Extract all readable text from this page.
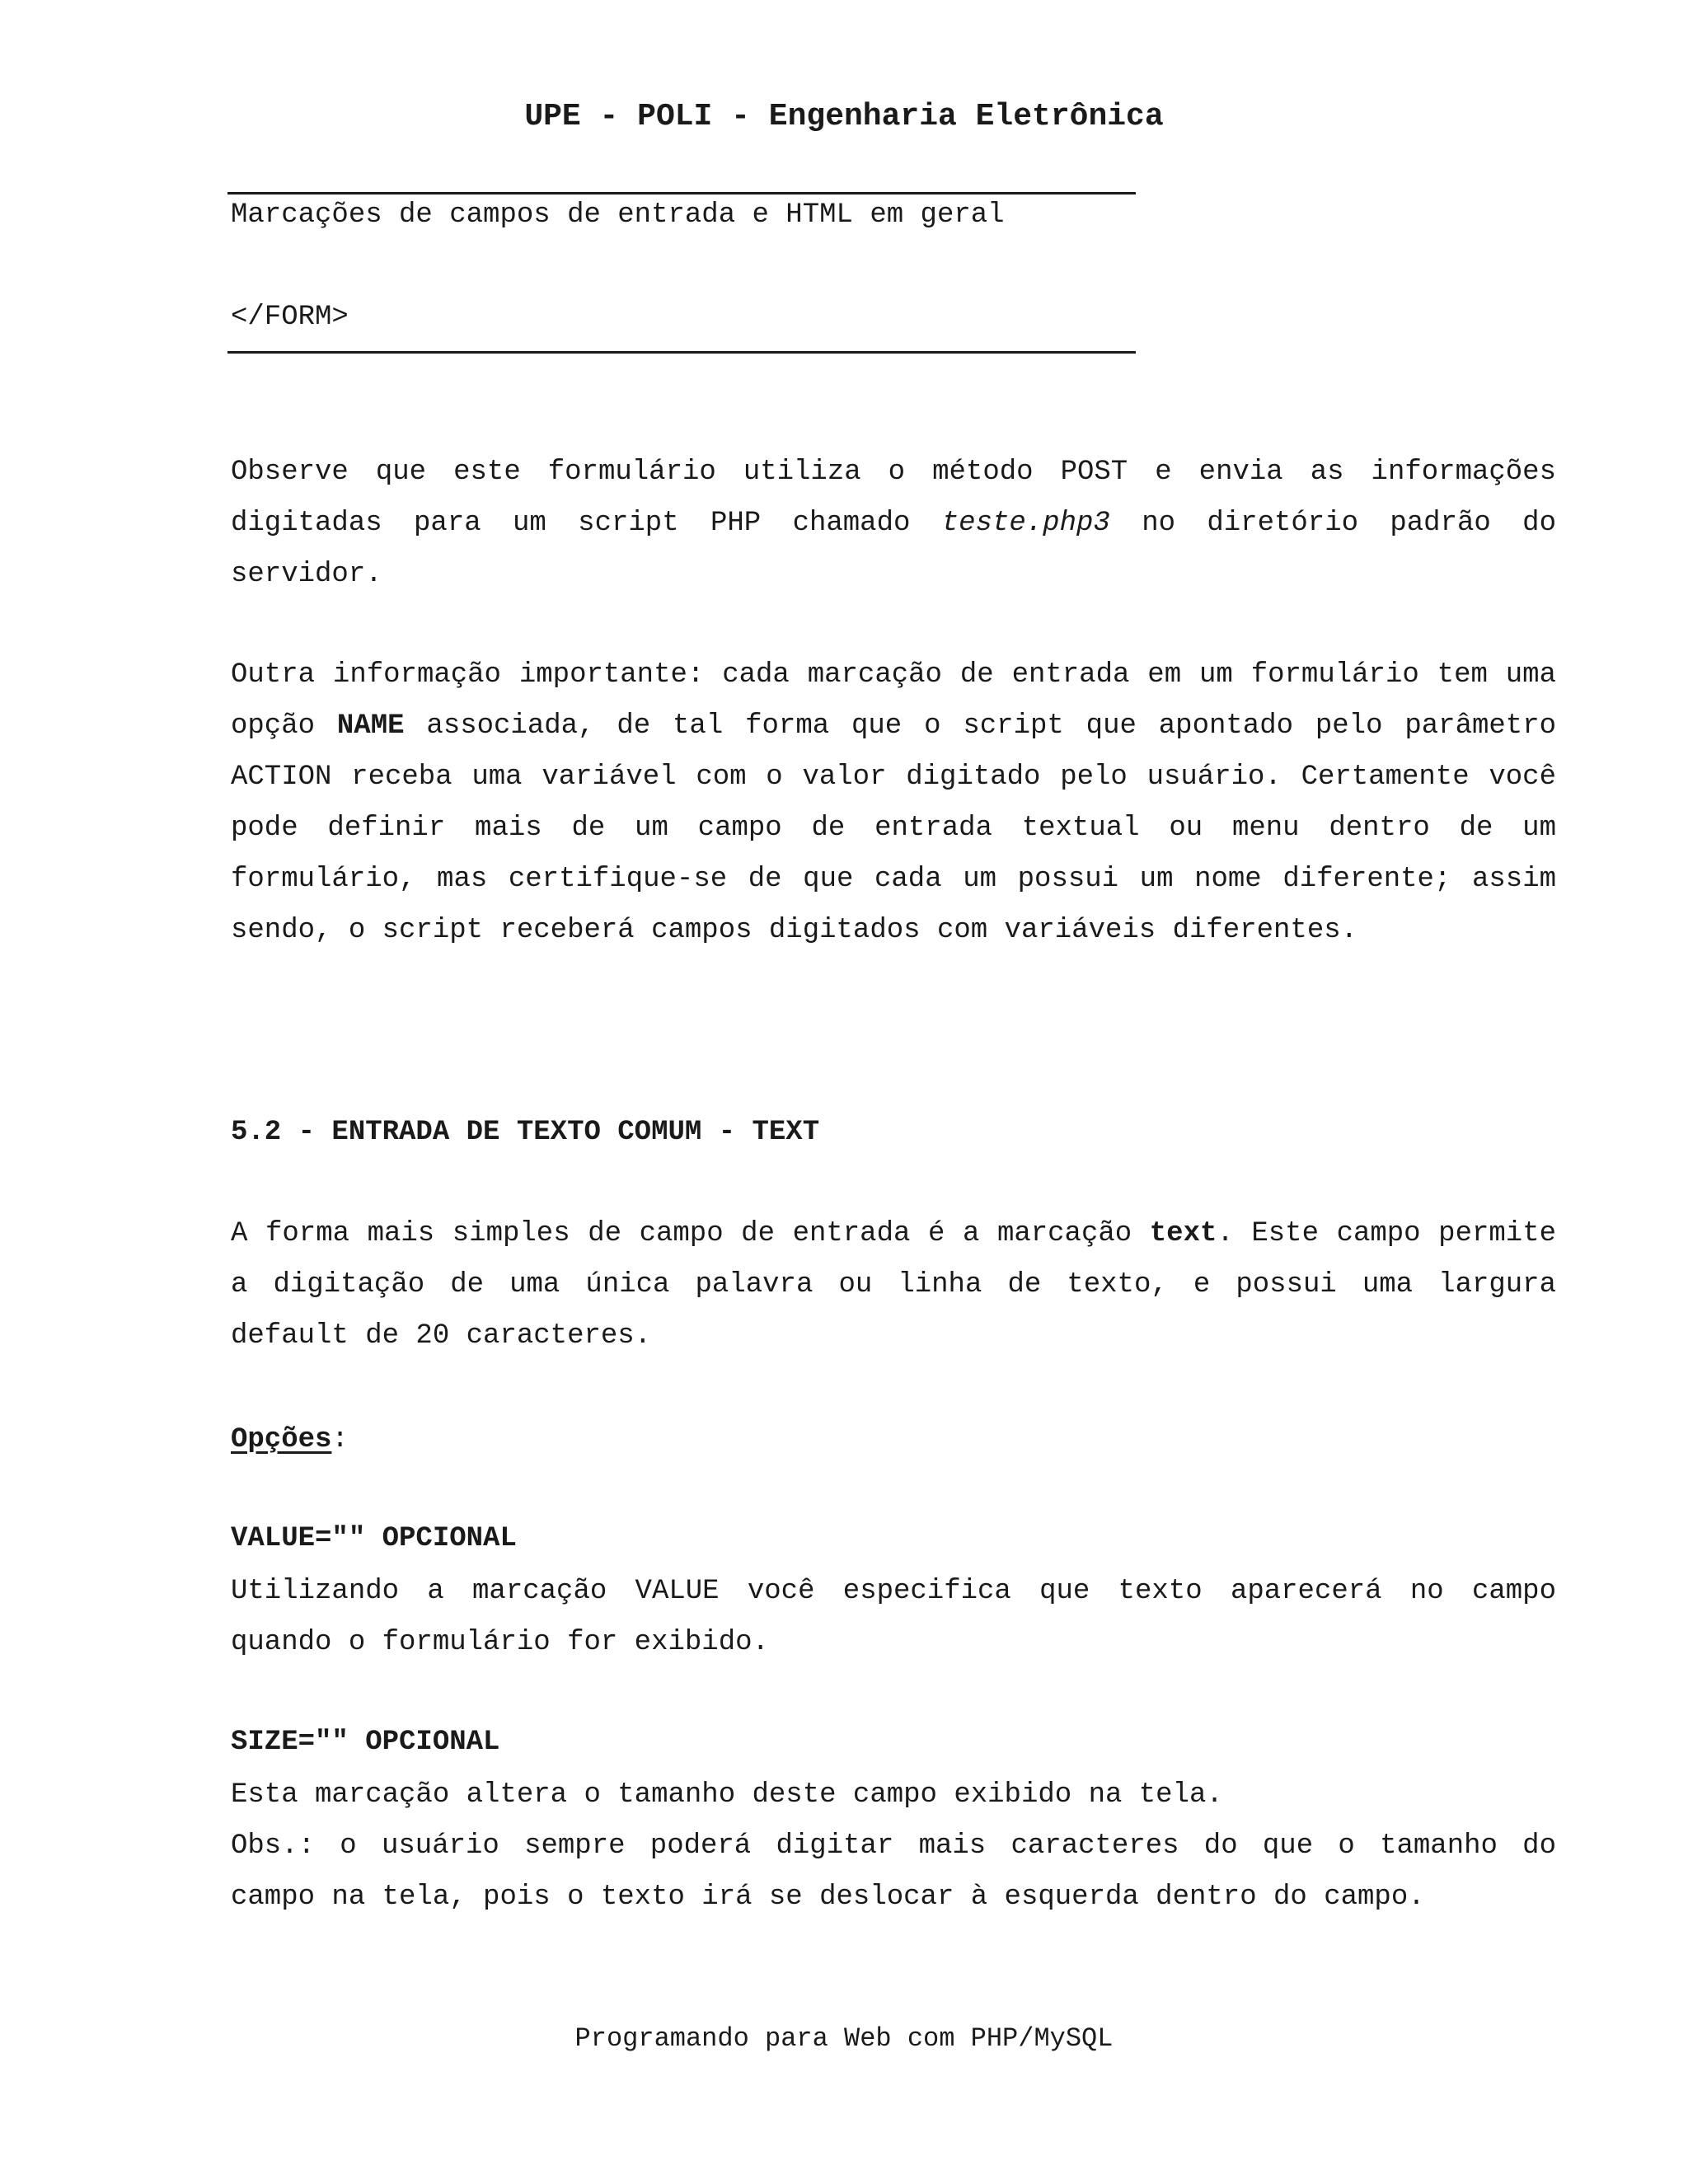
UPE - POLI - Engenharia Eletrônica
Marcações de campos de entrada e HTML em geral
</FORM>

Observe que este formulário utiliza o método POST e envia as informações digitadas para um script PHP chamado teste.php3 no diretório padrão do servidor.

Outra informação importante: cada marcação de entrada em um formulário tem uma opção NAME associada, de tal forma que o script que apontado pelo parâmetro ACTION receba uma variável com o valor digitado pelo usuário. Certamente você pode definir mais de um campo de entrada textual ou menu dentro de um formulário, mas certifique-se de que cada um possui um nome diferente; assim sendo, o script receberá campos digitados com variáveis diferentes.

5.2 - ENTRADA DE TEXTO COMUM - TEXT

A forma mais simples de campo de entrada é a marcação text. Este campo permite a digitação de uma única palavra ou linha de texto, e possui uma largura default de 20 caracteres.

Opções:

VALUE="" OPCIONAL

Utilizando a marcação VALUE você especifica que texto aparecerá no campo quando o formulário for exibido.

SIZE="" OPCIONAL

Esta marcação altera o tamanho deste campo exibido na tela.

Obs.: o usuário sempre poderá digitar mais caracteres do que o tamanho do campo na tela, pois o texto irá se deslocar à esquerda dentro do campo.

Programando para Web com PHP/MySQL
